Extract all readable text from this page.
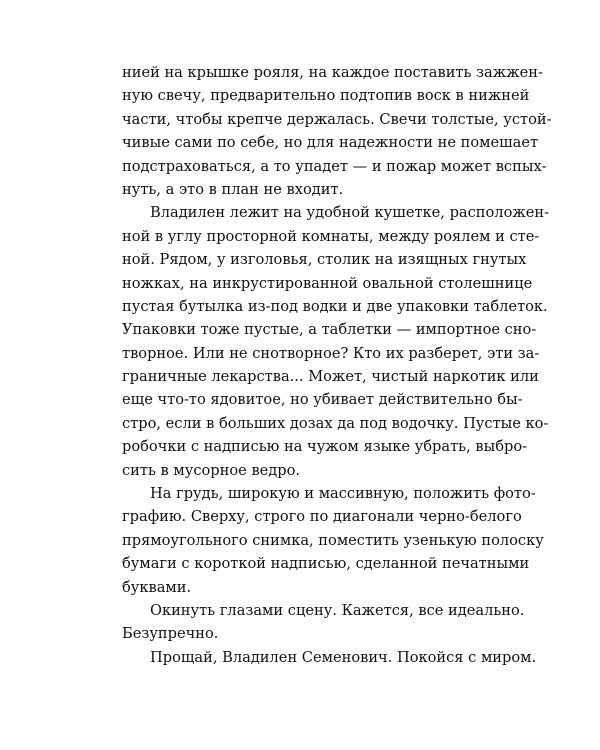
нией на крышке рояля, на каждое поставить зажжен-
ную свечу, предварительно подтопив воск в нижней
части, чтобы крепче держалась. Свечи толстые, устой-
чивые сами по себе, но для надежности не помешает
подстраховаться, а то упадет — и пожар может вспых-
нуть, а это в план не входит.
Владилен лежит на удобной кушетке, расположен-
ной в углу просторной комнаты, между роялем и сте-
ной. Рядом, у изголовья, столик на изящных гнутых
ножках, на инкрустированной овальной столешнице
пустая бутылка из-под водки и две упаковки таблеток.
Упаковки тоже пустые, а таблетки — импортное сно-
творное. Или не снотворное? Кто их разберет, эти за-
граничные лекарства... Может, чистый наркотик или
еще что-то ядовитое, но убивает действительно бы-
стро, если в больших дозах да под водочку. Пустые ко-
робочки с надписью на чужом языке убрать, выбро-
сить в мусорное ведро.
На грудь, широкую и массивную, положить фото-
графию. Сверху, строго по диагонали черно-белого
прямоугольного снимка, поместить узенькую полоску
бумаги с короткой надписью, сделанной печатными
буквами.
Окинуть глазами сцену. Кажется, все идеально.
Безупречно.
Прощай, Владилен Семенович. Покойся с миром.
